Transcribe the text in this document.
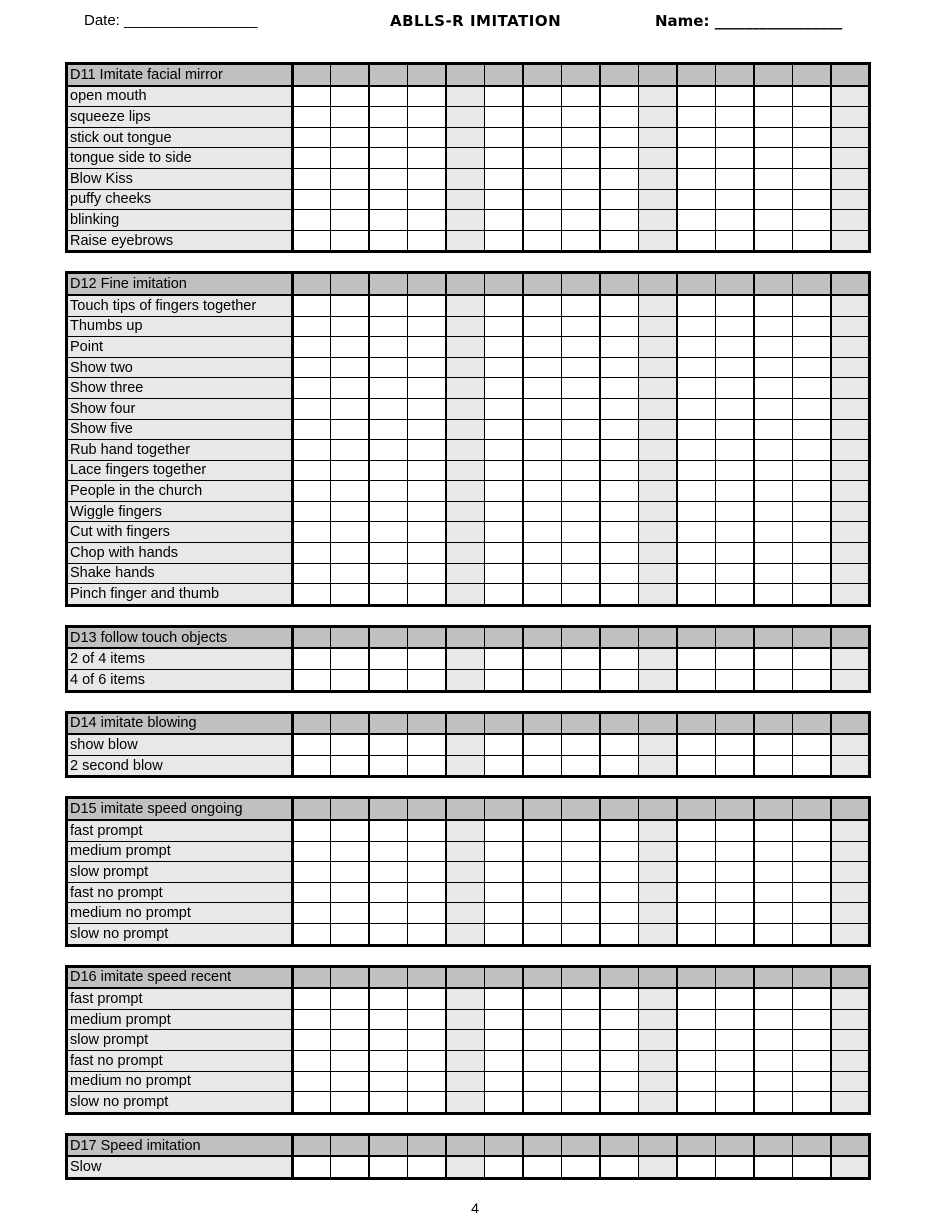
Date: ________________	ABLLS-R IMITATION	Name: _________________
D11 Imitate facial mirror															
open mouth															
squeeze lips															
stick out tongue															
tongue side to side															
Blow Kiss															
puffy cheeks															
blinking															
Raise eyebrows															
D12 Fine imitation															
Touch tips of fingers together															
Thumbs up															
Point															
Show two															
Show three															
Show four															
Show five															
Rub hand together															
Lace fingers together															
People in the church															
Wiggle fingers															
Cut with fingers															
Chop with hands															
Shake hands															
Pinch finger and thumb															
D13 follow touch objects															
2 of 4 items															
4 of 6 items															
D14 imitate blowing															
show blow															
2 second blow															
D15 imitate speed ongoing															
fast prompt															
medium prompt															
slow prompt															
fast no prompt															
medium no prompt															
slow no prompt															
D16 imitate speed recent															
fast prompt															
medium prompt															
slow prompt															
fast no prompt															
medium no prompt															
slow no prompt															
D17 Speed imitation															
Slow															
4
